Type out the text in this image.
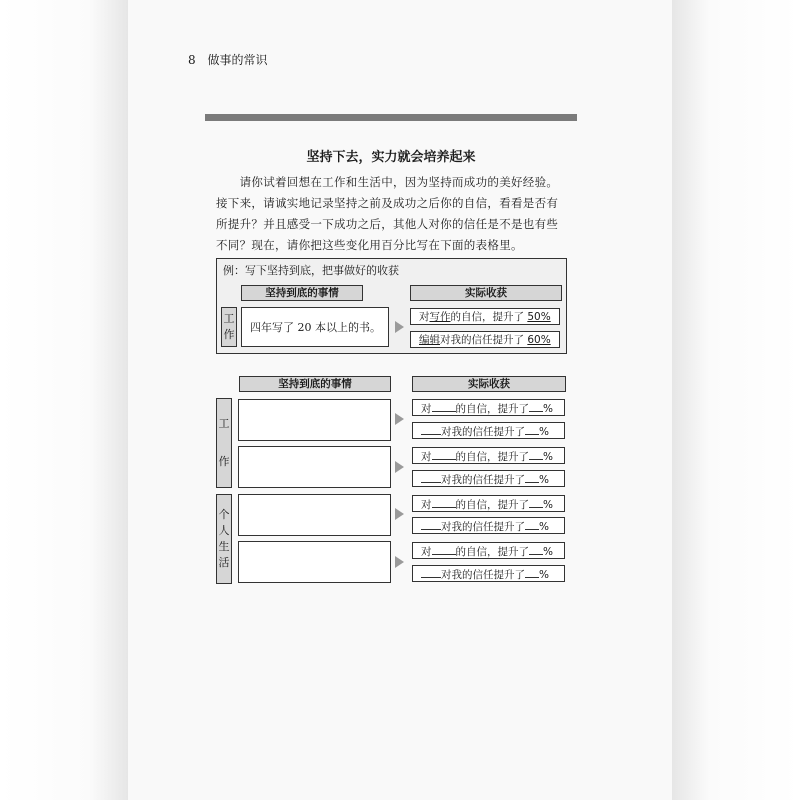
8 做事的常识
坚持下去，实力就会培养起来

　　请你试着回想在工作和生活中，因为坚持而成功的美好经验。

接下来，请诚实地记录坚持之前及成功之后你的自信，看看是否有

所提升？并且感受一下成功之后，其他人对你的信任是不是也有些

不同？现在，请你把这些变化用百分比写在下面的表格里。

例：写下坚持到底，把事做好的收获
坚持到底的事情	实际收获
工
作
四年写了 20 本以上的书。
对写作的自信，提升了 50%
编辑对我的信任提升了 60%
坚持到底的事情	实际收获
工
作
个
人
生
活
对 的自信，提升了 %
对我的信任提升了 %
对 的自信，提升了 %
对我的信任提升了 %
对 的自信，提升了 %
对我的信任提升了 %
对 的自信，提升了 %
对我的信任提升了 %
